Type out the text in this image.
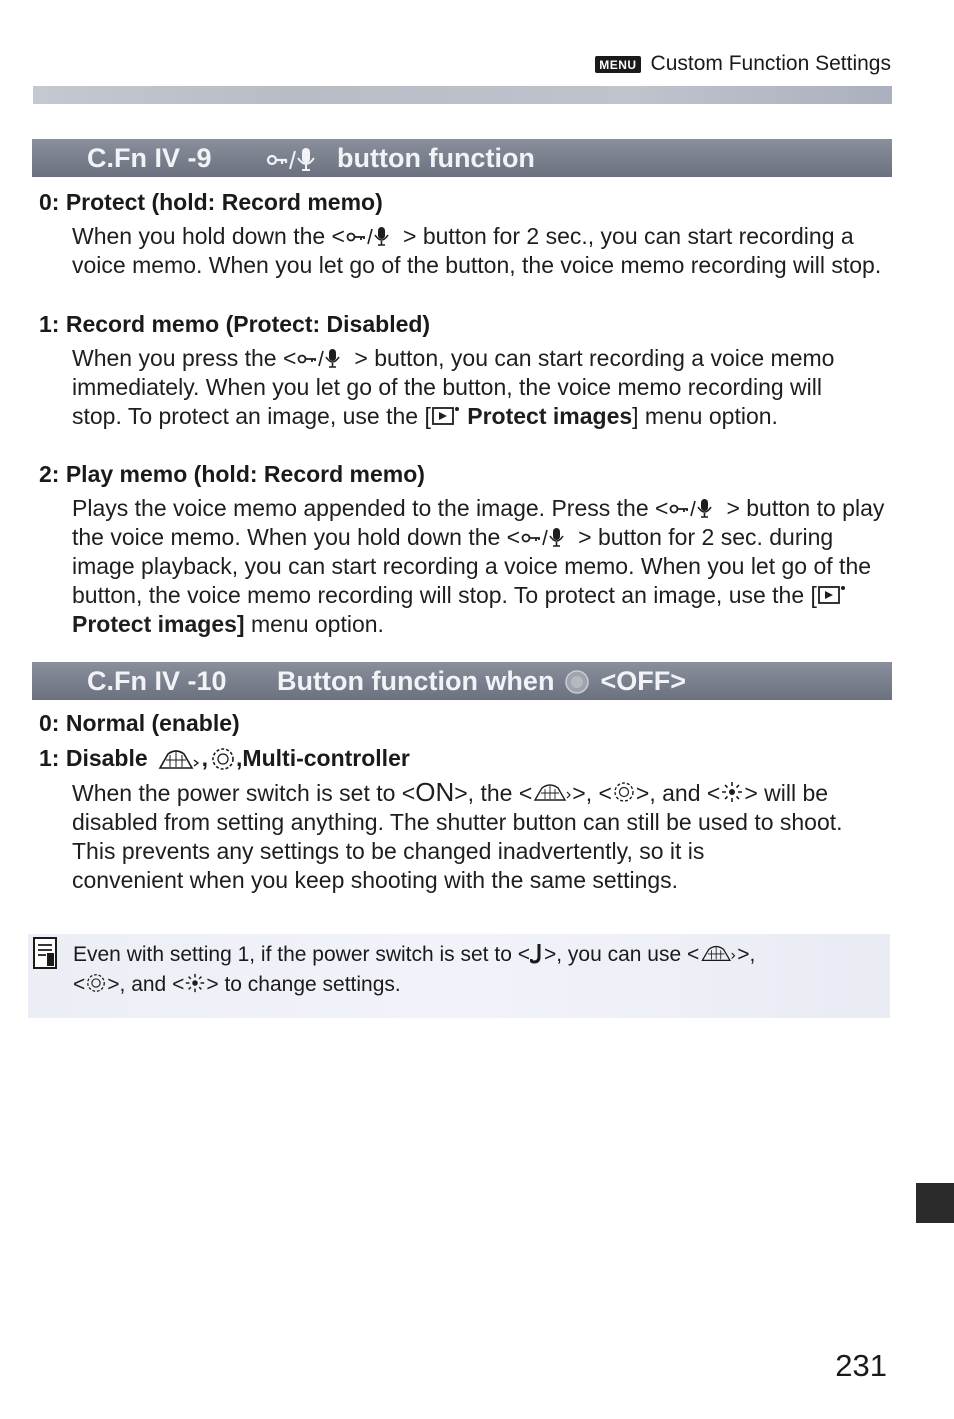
MENU Custom Function Settings
C.Fn IV -9	button function
0: Protect (hold: Record memo)

When you hold down the <	> button for 2 sec., you can start recording a voice memo. When you let go of the button, the voice memo recording will stop.

1: Record memo (Protect: Disabled)

When you press the <	> button, you can start recording a voice memo immediately. When you let go of the button, the voice memo recording will stop. To protect an image, use the [ Protect images] menu option.

2: Play memo (hold: Record memo)

Plays the voice memo appended to the image. Press the <	> button to play the voice memo. When you hold down the <	> button for 2 sec. during image playback, you can start recording a voice memo. When you let go of the button, the voice memo recording will stop. To protect an image, use the [ Protect images] menu option.

C.Fn IV -10	Button function when <OFF>
0: Normal (enable)
1: Disable , ,Multi-controller

When the power switch is set to <ON>, the < >, < >, and < > will be disabled from setting anything. The shutter button can still be used to shoot.

This prevents any settings to be changed inadvertently, so it is convenient when you keep shooting with the same settings.

Even with setting 1, if the power switch is set to < >, you can use < >,
< >, and < > to change settings.
231
